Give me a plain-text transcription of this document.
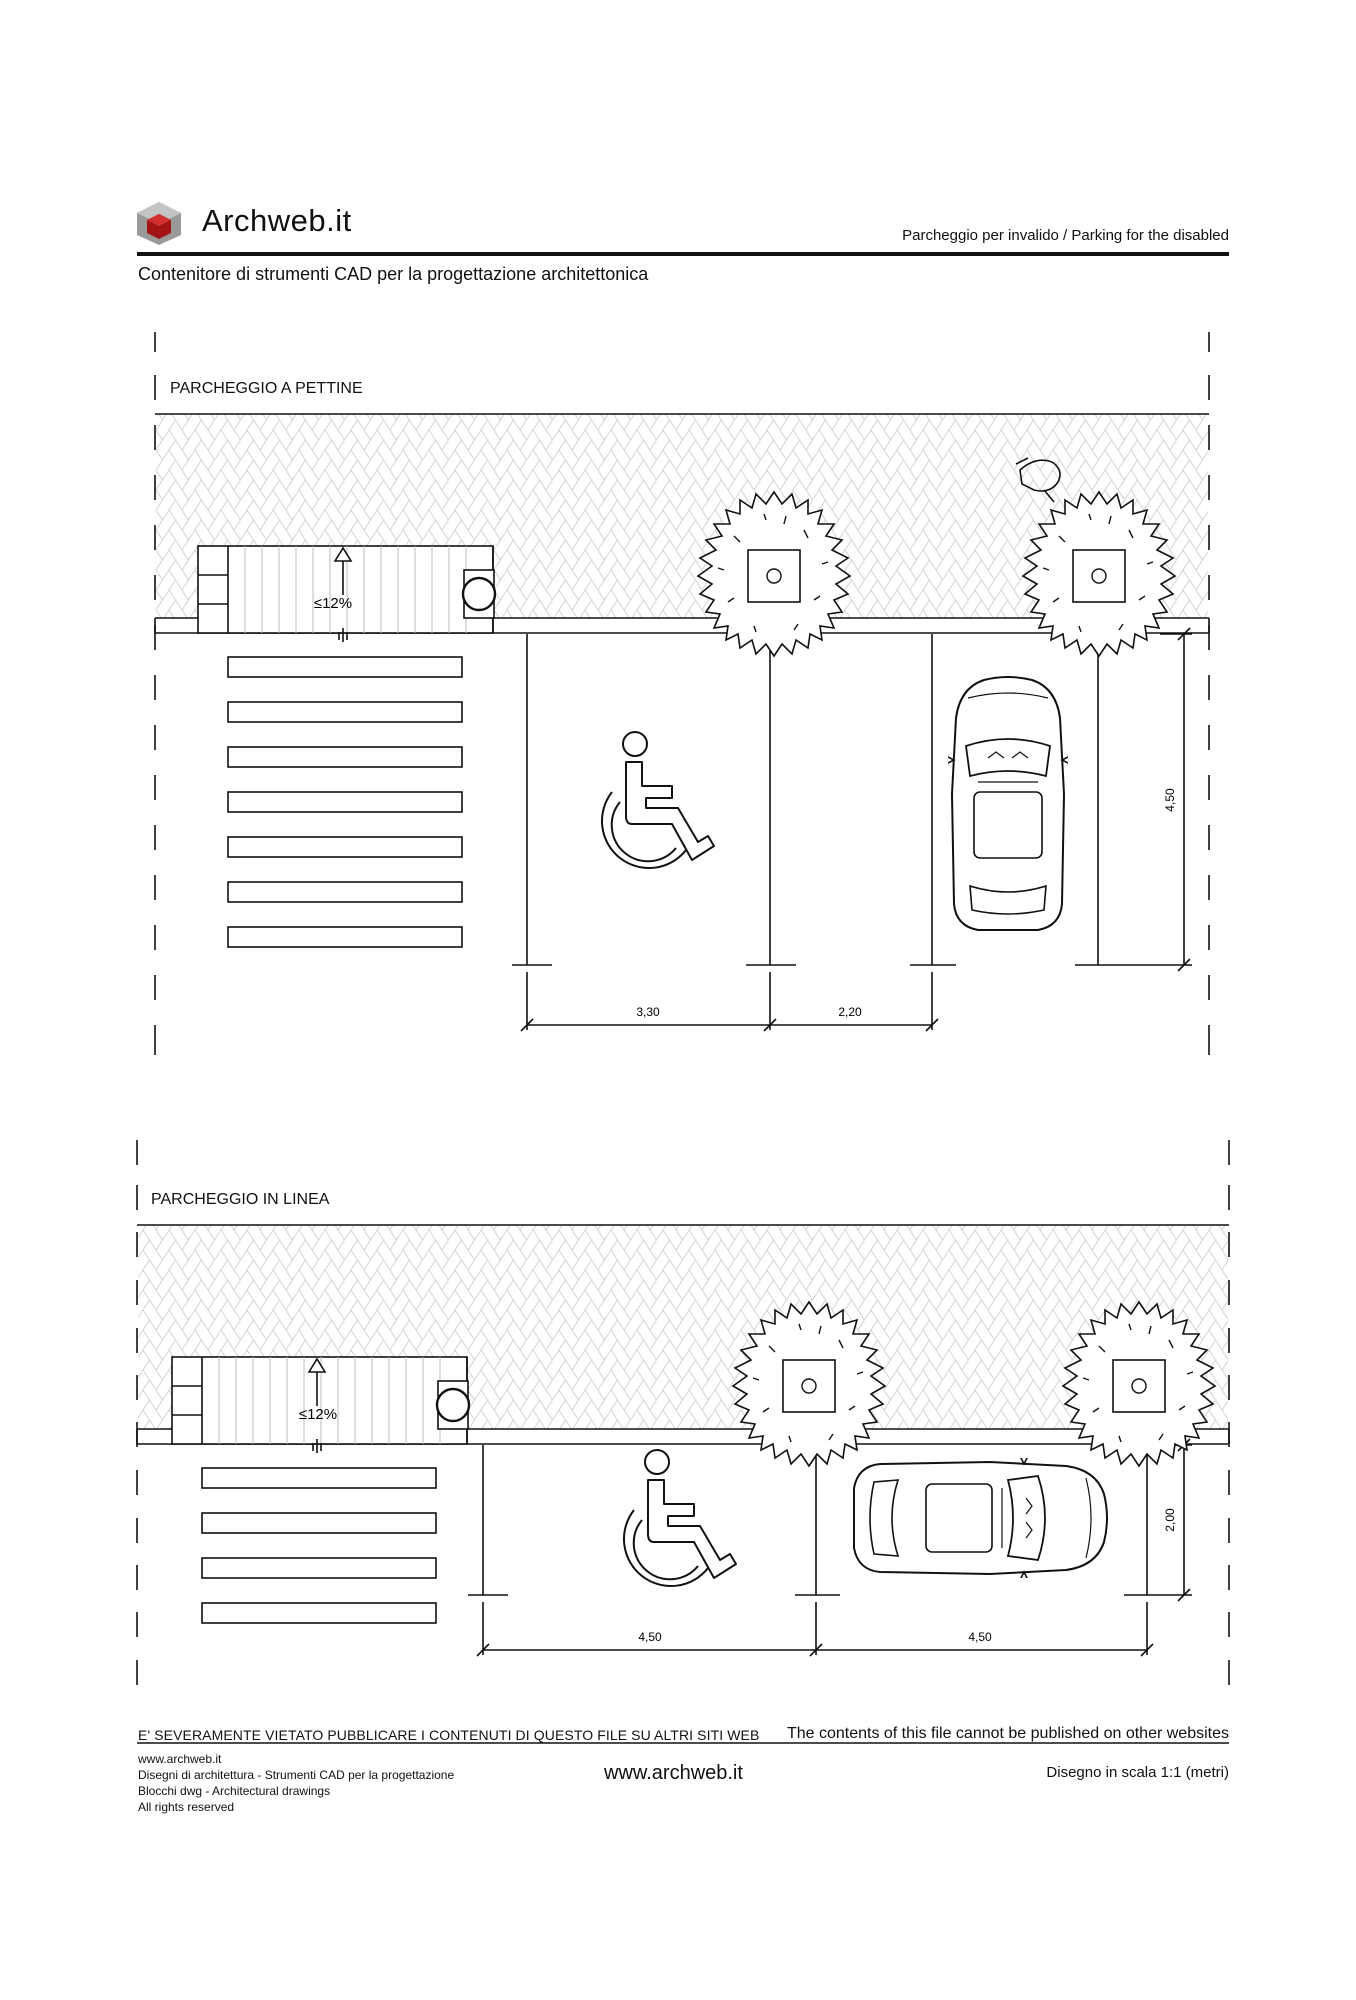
Archweb.it	Parcheggio per invalido / Parking for the disabled
Contenitore di strumenti CAD per la progettazione architettonica
PARCHEGGIO A PETTINE
PARCHEGGIO IN LINEA
3,30	2,20
4,50
≤12%
4,50	4,50
2,00
≤12%
E' SEVERAMENTE VIETATO PUBBLICARE I CONTENUTI DI QUESTO FILE SU ALTRI SITI WEB The contents of this file cannot be published on other websites
www.archweb.it
Disegni di architettura - Strumenti CAD per la progettazione
Blocchi dwg - Architectural drawings
All rights reserved
www.archweb.it	Disegno in scala 1:1 (metri)
